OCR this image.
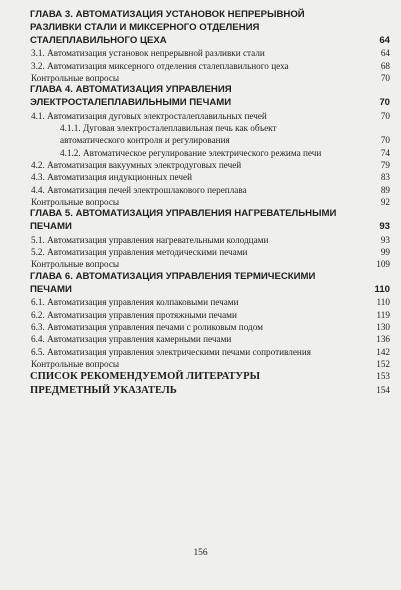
ГЛАВА 3. АВТОМАТИЗАЦИЯ УСТАНОВОК НЕПРЕРЫВНОЙ РАЗЛИВКИ СТАЛИ И МИКСЕРНОГО ОТДЕЛЕНИЯ СТАЛЕПЛАВИЛЬНОГО ЦЕХА	64
3.1. Автоматизация установок непрерывной разливки стали	64
3.2. Автоматизация миксерного отделения сталеплавильного цеха	68
Контрольные вопросы	70
ГЛАВА 4. АВТОМАТИЗАЦИЯ УПРАВЛЕНИЯ ЭЛЕКТРОСТАЛЕПЛАВИЛЬНЫМИ ПЕЧАМИ	70
4.1. Автоматизация дуговых электросталеплавильных печей	70
4.1.1. Дуговая электросталеплавильная печь как объект автоматического контроля и регулирования	70
4.1.2. Автоматическое регулирование электрического режима печи	74
4.2. Автоматизация вакуумных электродуговых печей	79
4.3. Автоматизация индукционных печей	83
4.4. Автоматизация печей электрошлакового переплава	89
Контрольные вопросы	92
ГЛАВА 5. АВТОМАТИЗАЦИЯ УПРАВЛЕНИЯ НАГРЕВАТЕЛЬНЫМИ ПЕЧАМИ	93
5.1. Автоматизация управления нагревательными колодцами	93
5.2. Автоматизация управления методическими печами	99
Контрольные вопросы	109
ГЛАВА 6. АВТОМАТИЗАЦИЯ УПРАВЛЕНИЯ ТЕРМИЧЕСКИМИ ПЕЧАМИ	110
6.1. Автоматизация управления колпаковыми печами	110
6.2. Автоматизация управления протяжными печами	119
6.3. Автоматизация управления печами с роликовым подом	130
6.4. Автоматизация управления камерными печами	136
6.5. Автоматизация управления электрическими печами сопротивления	142
Контрольные вопросы	152
СПИСОК РЕКОМЕНДУЕМОЙ ЛИТЕРАТУРЫ	153
ПРЕДМЕТНЫЙ УКАЗАТЕЛЬ	154
156
